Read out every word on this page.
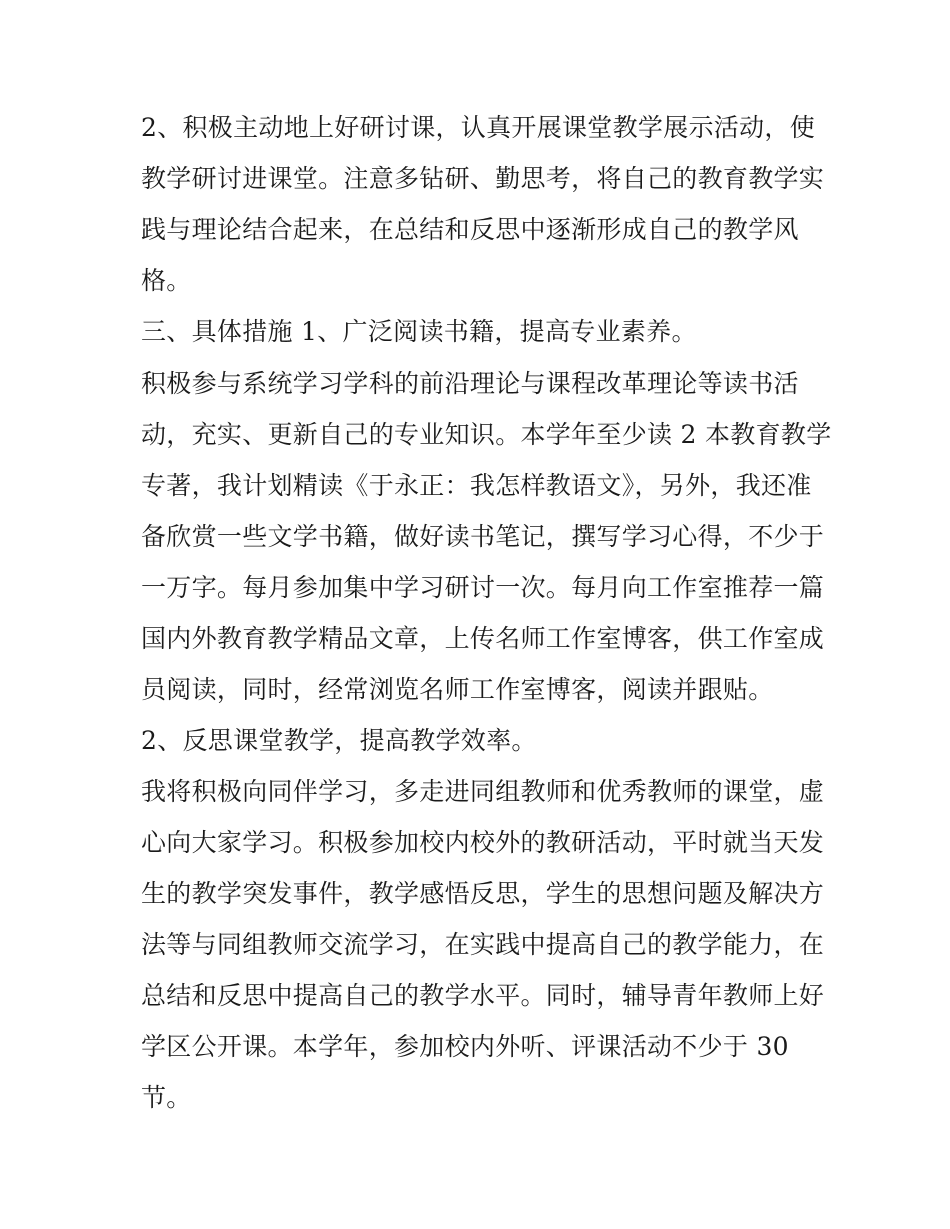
2、积极主动地上好研讨课，认真开展课堂教学展示活动，使
教学研讨进课堂。注意多钻研、勤思考，将自己的教育教学实
践与理论结合起来，在总结和反思中逐渐形成自己的教学风
格。
三、具体措施 1、广泛阅读书籍，提高专业素养。
积极参与系统学习学科的前沿理论与课程改革理论等读书活
动，充实、更新自己的专业知识。本学年至少读 2 本教育教学
专著，我计划精读《于永正：我怎样教语文》，另外，我还准
备欣赏一些文学书籍，做好读书笔记，撰写学习心得，不少于
一万字。每月参加集中学习研讨一次。每月向工作室推荐一篇
国内外教育教学精品文章，上传名师工作室博客，供工作室成
员阅读，同时，经常浏览名师工作室博客，阅读并跟贴。
2、反思课堂教学，提高教学效率。
我将积极向同伴学习，多走进同组教师和优秀教师的课堂，虚
心向大家学习。积极参加校内校外的教研活动，平时就当天发
生的教学突发事件，教学感悟反思，学生的思想问题及解决方
法等与同组教师交流学习，在实践中提高自己的教学能力，在
总结和反思中提高自己的教学水平。同时，辅导青年教师上好
学区公开课。本学年，参加校内外听、评课活动不少于 30
节。
